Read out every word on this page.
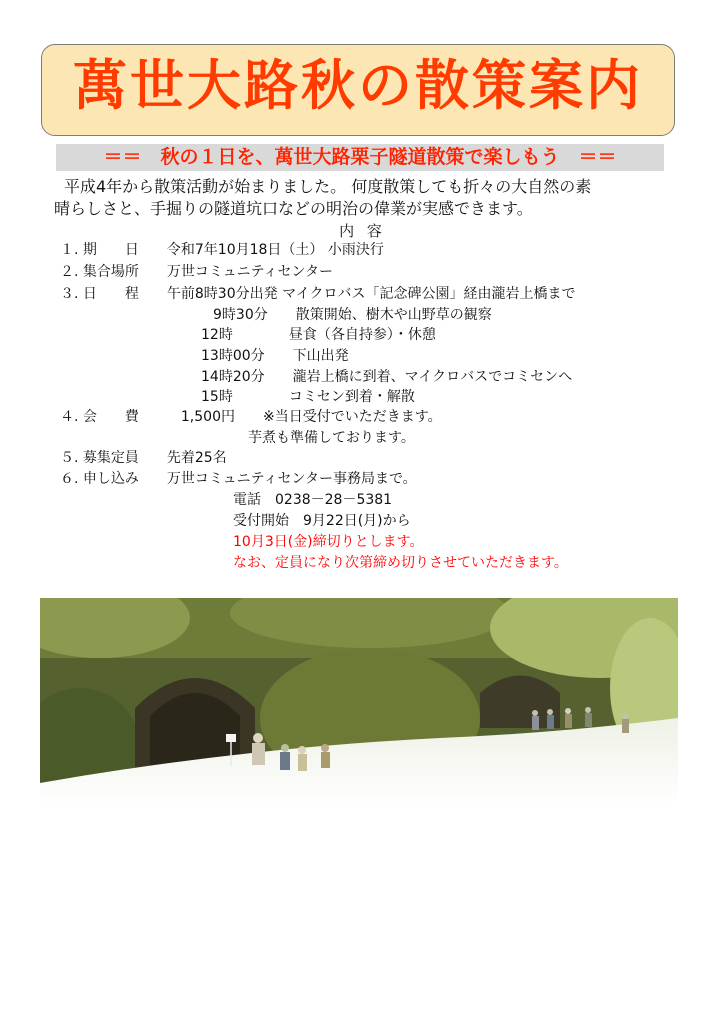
萬世大路秋の散策案内
＝＝　秋の１日を、萬世大路栗子隧道散策で楽しもう　＝＝
平成4年から散策活動が始まりました。 何度散策しても折々の大自然の素
晴らしさと、手掘りの隧道坑口などの明治の偉業が実感できます。
内 容
１. 期　　日　　令和7年10月18日（土） 小雨決行
２. 集合場所　　万世コミュニティセンター
３. 日　　程　　午前8時30分出発 マイクロバス「記念碑公園」経由瀧岩上橋まで
9時30分　　散策開始、樹木や山野草の観察
12時　　　　昼食（各自持参）・休憩
13時00分　　下山出発
14時20分　　瀧岩上橋に到着、マイクロバスでコミセンへ
15時　　　　コミセン到着・解散
４. 会　　費　　　1,500円　　※当日受付でいただきます。
芋煮も準備しております。
５. 募集定員　　先着25名
６. 申し込み　　万世コミュニティセンター事務局まで。
電話　0238－28－5381
受付開始　9月22日(月)から
10月3日(金)締切りとします。
なお、定員になり次第締め切りさせていただきます。
